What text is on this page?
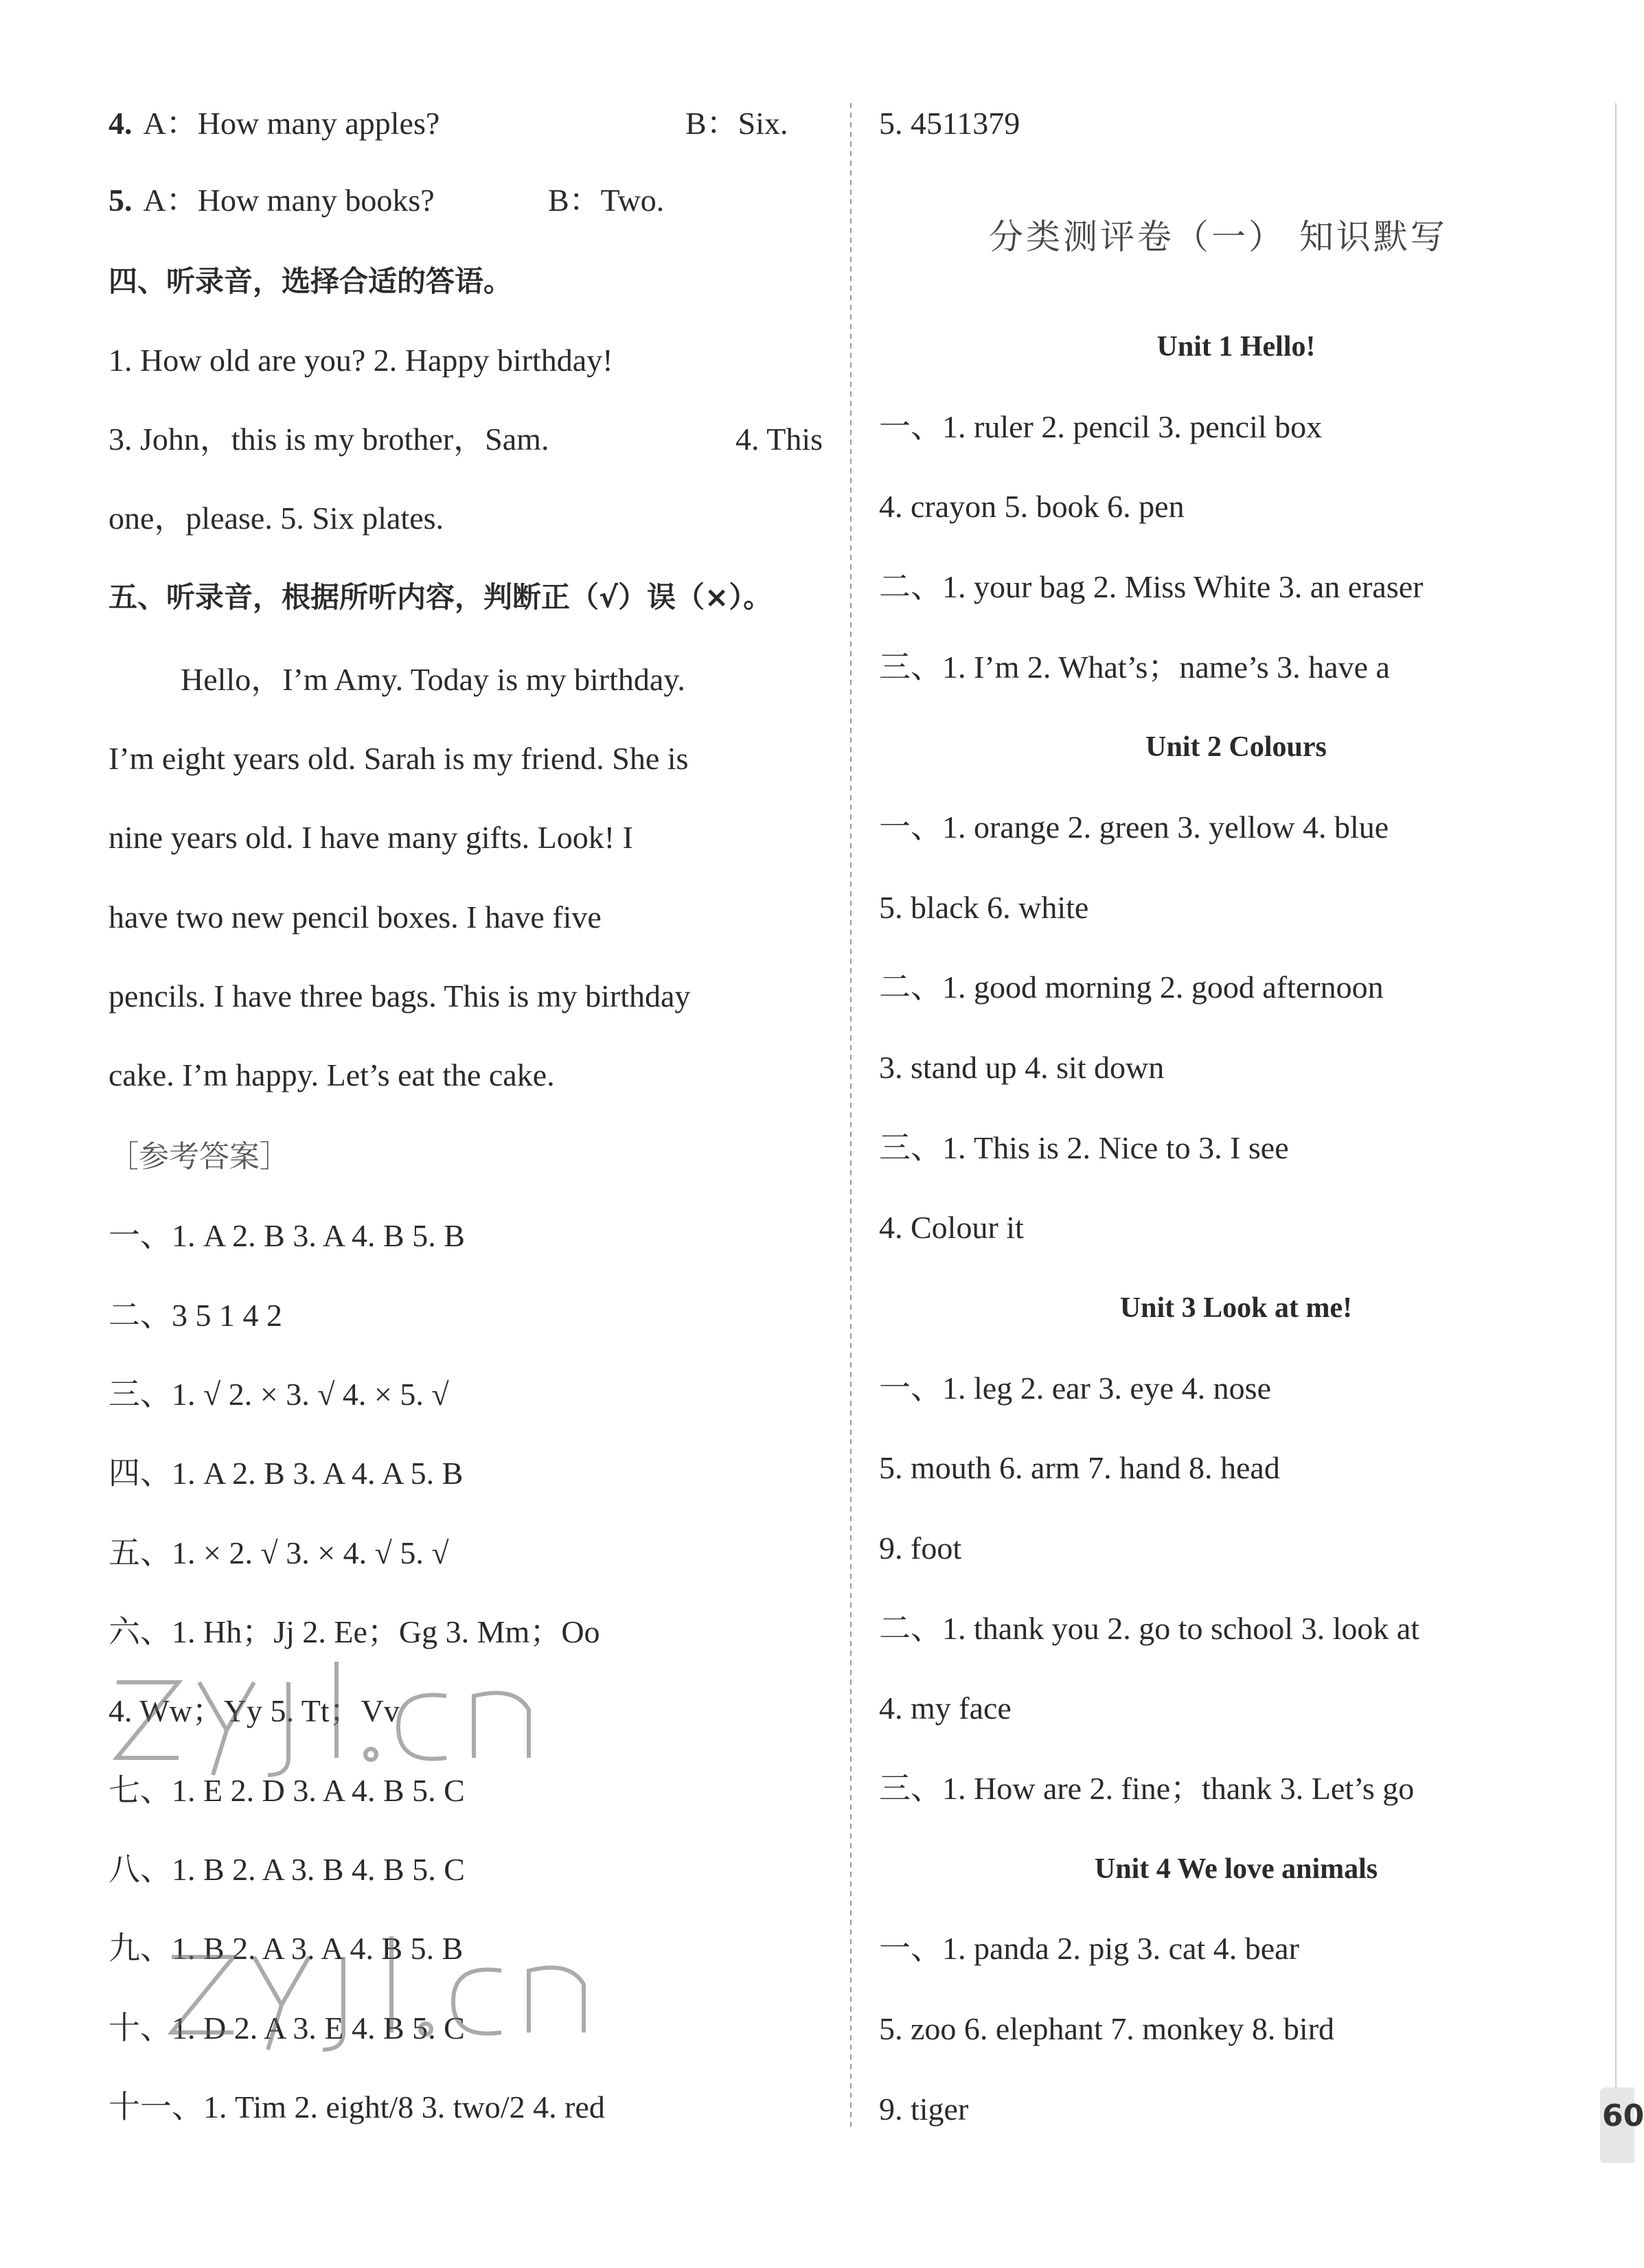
4. A：How many apples?	B：Six.
5. A：How many books?	B：Two.
四、听录音，选择合适的答语。
1. How old are you? 2. Happy birthday!
3. John，this is my brother，Sam.	4. This
one，please. 5. Six plates.
五、听录音，根据所听内容，判断正（√）误（×）。
Hello，I’m Amy. Today is my birthday.
I’m eight years old. Sarah is my friend. She is
nine years old. I have many gifts. Look! I
have two new pencil boxes. I have five
pencils. I have three bags. This is my birthday
cake. I’m happy. Let’s eat the cake.
［参考答案］
一、1. A 2. B 3. A 4. B 5. B
二、3 5 1 4 2
三、1. √ 2. × 3. √ 4. × 5. √
四、1. A 2. B 3. A 4. A 5. B
五、1. × 2. √ 3. × 4. √ 5. √
六、1. Hh；Jj 2. Ee；Gg 3. Mm；Oo
4. Ww；Yy 5. Tt；Vv
七、1. E 2. D 3. A 4. B 5. C
八、1. B 2. A 3. B 4. B 5. C
九、1. B 2. A 3. A 4. B 5. B
十、1. D 2. A 3. E 4. B 5. C
十一、1. Tim 2. eight/8 3. two/2 4. red
5. 4511379
分类测评卷（一） 知识默写
Unit 1 Hello!
一、1. ruler 2. pencil 3. pencil box
4. crayon 5. book 6. pen
二、1. your bag 2. Miss White 3. an eraser
三、1. I’m 2. What’s；name’s 3. have a
Unit 2 Colours
一、1. orange 2. green 3. yellow 4. blue
5. black 6. white
二、1. good morning 2. good afternoon
3. stand up 4. sit down
三、1. This is 2. Nice to 3. I see
4. Colour it
Unit 3 Look at me!
一、1. leg 2. ear 3. eye 4. nose
5. mouth 6. arm 7. hand 8. head
9. foot
二、1. thank you 2. go to school 3. look at
4. my face
三、1. How are 2. fine；thank 3. Let’s go
Unit 4 We love animals
一、1. panda 2. pig 3. cat 4. bear
5. zoo 6. elephant 7. monkey 8. bird
9. tiger	60
